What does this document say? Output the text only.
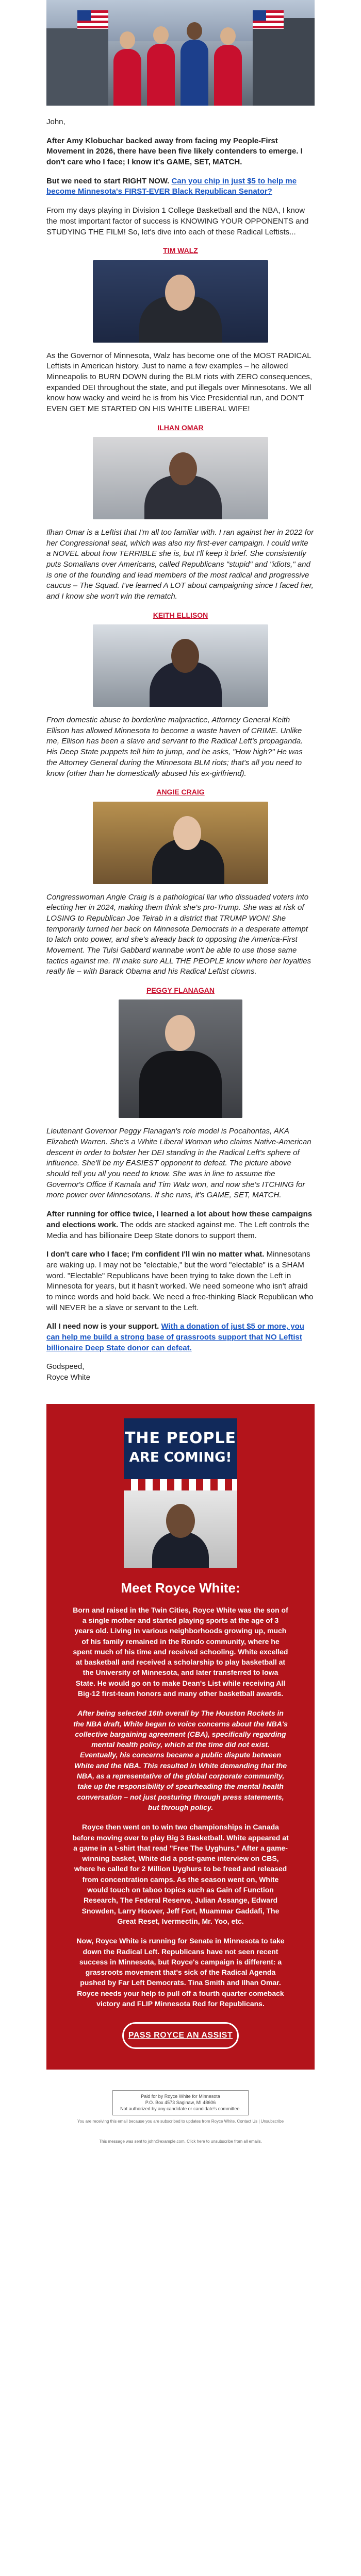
John,

After Amy Klobuchar backed away from facing my People-First Movement in 2026, there have been five likely contenders to emerge. I don't care who I face; I know it's GAME, SET, MATCH.

But we need to start RIGHT NOW. Can you chip in just $5 to help me become Minnesota's FIRST-EVER Black Republican Senator?

From my days playing in Division 1 College Basketball and the NBA, I know the most important factor of success is KNOWING YOUR OPPONENTS and STUDYING THE FILM! So, let's dive into each of these Radical Leftists...

TIM WALZ

As the Governor of Minnesota, Walz has become one of the MOST RADICAL Leftists in American history. Just to name a few examples – he allowed Minneapolis to BURN DOWN during the BLM riots with ZERO consequences, expanded DEI throughout the state, and put illegals over Minnesotans. We all know how wacky and weird he is from his Vice Presidential run, and DON'T EVEN GET ME STARTED ON HIS WHITE LIBERAL WIFE!

ILHAN OMAR

Ilhan Omar is a Leftist that I'm all too familiar with. I ran against her in 2022 for her Congressional seat, which was also my first-ever campaign. I could write a NOVEL about how TERRIBLE she is, but I'll keep it brief. She consistently puts Somalians over Americans, called Republicans "stupid" and "idiots," and is one of the founding and lead members of the most radical and progressive caucus – The Squad. I've learned A LOT about campaigning since I faced her, and I know she won't win the rematch.

KEITH ELLISON

From domestic abuse to borderline malpractice, Attorney General Keith Ellison has allowed Minnesota to become a waste haven of CRIME. Unlike me, Ellison has been a slave and servant to the Radical Left's propaganda. His Deep State puppets tell him to jump, and he asks, "How high?" He was the Attorney General during the Minnesota BLM riots; that's all you need to know (other than he domestically abused his ex-girlfriend).

ANGIE CRAIG

Congresswoman Angie Craig is a pathological liar who dissuaded voters into electing her in 2024, making them think she's pro-Trump. She was at risk of LOSING to Republican Joe Teirab in a district that TRUMP WON! She temporarily turned her back on Minnesota Democrats in a desperate attempt to latch onto power, and she's already back to opposing the America-First Movement. The Tulsi Gabbard wannabe won't be able to use those same tactics against me. I'll make sure ALL THE PEOPLE know where her loyalties really lie – with Barack Obama and his Radical Leftist clowns.

PEGGY FLANAGAN

Lieutenant Governor Peggy Flanagan's role model is Pocahontas, AKA Elizabeth Warren. She's a White Liberal Woman who claims Native-American descent in order to bolster her DEI standing in the Radical Left's sphere of influence. She'll be my EASIEST opponent to defeat. The picture above should tell you all you need to know. She was in line to assume the Governor's Office if Kamala and Tim Walz won, and now she's ITCHING for more power over Minnesotans. If she runs, it's GAME, SET, MATCH.

After running for office twice, I learned a lot about how these campaigns and elections work. The odds are stacked against me. The Left controls the Media and has billionaire Deep State donors to support them.

I don't care who I face; I'm confident I'll win no matter what. Minnesotans are waking up. I may not be "electable," but the word "electable" is a SHAM word. "Electable" Republicans have been trying to take down the Left in Minnesota for years, but it hasn't worked. We need someone who isn't afraid to mince words and hold back. We need a free-thinking Black Republican who will NEVER be a slave or servant to the Left.

All I need now is your support. With a donation of just $5 or more, you can help me build a strong base of grassroots support that NO Leftist billionaire Deep State donor can defeat.

Godspeed,
Royce White

THE PEOPLE
ARE COMING!
Meet Royce White:

Born and raised in the Twin Cities, Royce White was the son of a single mother and started playing sports at the age of 3 years old. Living in various neighborhoods growing up, much of his family remained in the Rondo community, where he spent much of his time and received schooling. White excelled at basketball and received a scholarship to play basketball at the University of Minnesota, and later transferred to Iowa State. He would go on to make Dean's List while receiving All Big-12 first-team honors and many other basketball awards.

After being selected 16th overall by The Houston Rockets in the NBA draft, White began to voice concerns about the NBA's collective bargaining agreement (CBA), specifically regarding mental health policy, which at the time did not exist. Eventually, his concerns became a public dispute between White and the NBA. This resulted in White demanding that the NBA, as a representative of the global corporate community, take up the responsibility of spearheading the mental health conversation – not just posturing through press statements, but through policy.

Royce then went on to win two championships in Canada before moving over to play Big 3 Basketball. White appeared at a game in a t-shirt that read "Free The Uyghurs." After a game-winning basket, White did a post-game interview on CBS, where he called for 2 Million Uyghurs to be freed and released from concentration camps. As the season went on, White would touch on taboo topics such as Gain of Function Research, The Federal Reserve, Julian Assange, Edward Snowden, Larry Hoover, Jeff Fort, Muammar Gaddafi, The Great Reset, Ivermectin, Mr. Yoo, etc.

Now, Royce White is running for Senate in Minnesota to take down the Radical Left. Republicans have not seen recent success in Minnesota, but Royce's campaign is different: a grassroots movement that's sick of the Radical Agenda pushed by Far Left Democrats. Tina Smith and Ilhan Omar. Royce needs your help to pull off a fourth quarter comeback victory and FLIP Minnesota Red for Republicans.

PASS ROYCE AN ASSIST
Paid for by Royce White for Minnesota
P.O. Box 4573 Saginaw, MI 48606
Not authorized by any candidate or candidate's committee.
You are receiving this email because you are subscribed to updates from Royce White. Contact Us | Unsubscribe
This message was sent to john@example.com. Click here to unsubscribe from all emails.
